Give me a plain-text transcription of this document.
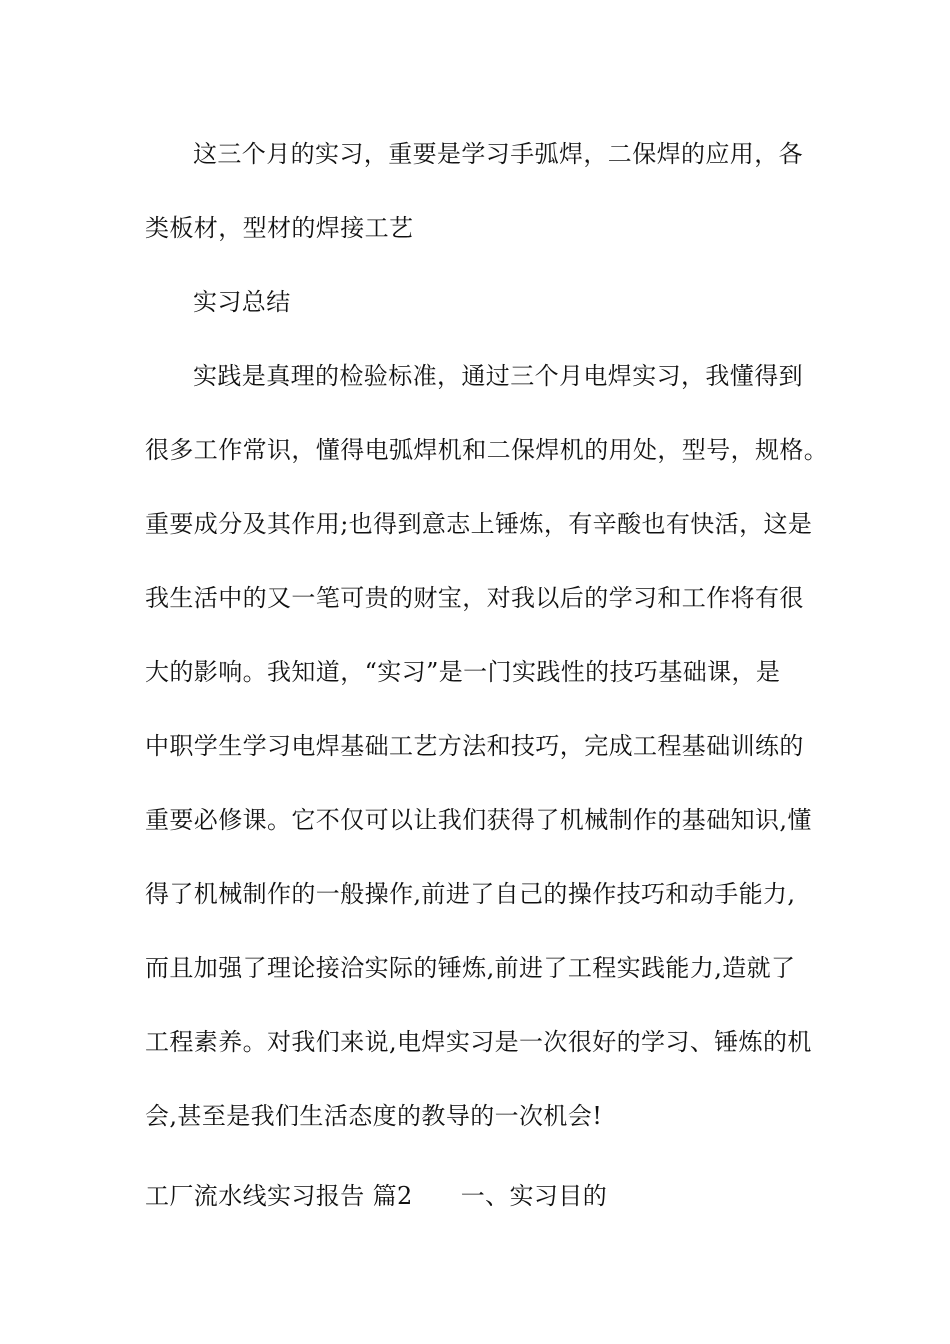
这三个月的实习，重要是学习手弧焊，二保焊的应用，各
类板材，型材的焊接工艺
实习总结
实践是真理的检验标准，通过三个月电焊实习，我懂得到
很多工作常识，懂得电弧焊机和二保焊机的用处，型号，规格。
重要成分及其作用;也得到意志上锤炼，有辛酸也有快活，这是
我生活中的又一笔可贵的财宝，对我以后的学习和工作将有很
大的影响。我知道，“实习”是一门实践性的技巧基础课，是
中职学生学习电焊基础工艺方法和技巧，完成工程基础训练的
重要必修课。它不仅可以让我们获得了机械制作的基础知识,懂
得了机械制作的一般操作,前进了自己的操作技巧和动手能力,
而且加强了理论接洽实际的锤炼,前进了工程实践能力,造就了
工程素养。对我们来说,电焊实习是一次很好的学习、锤炼的机
会,甚至是我们生活态度的教导的一次机会!
工厂流水线实习报告 篇2 一、实习目的
